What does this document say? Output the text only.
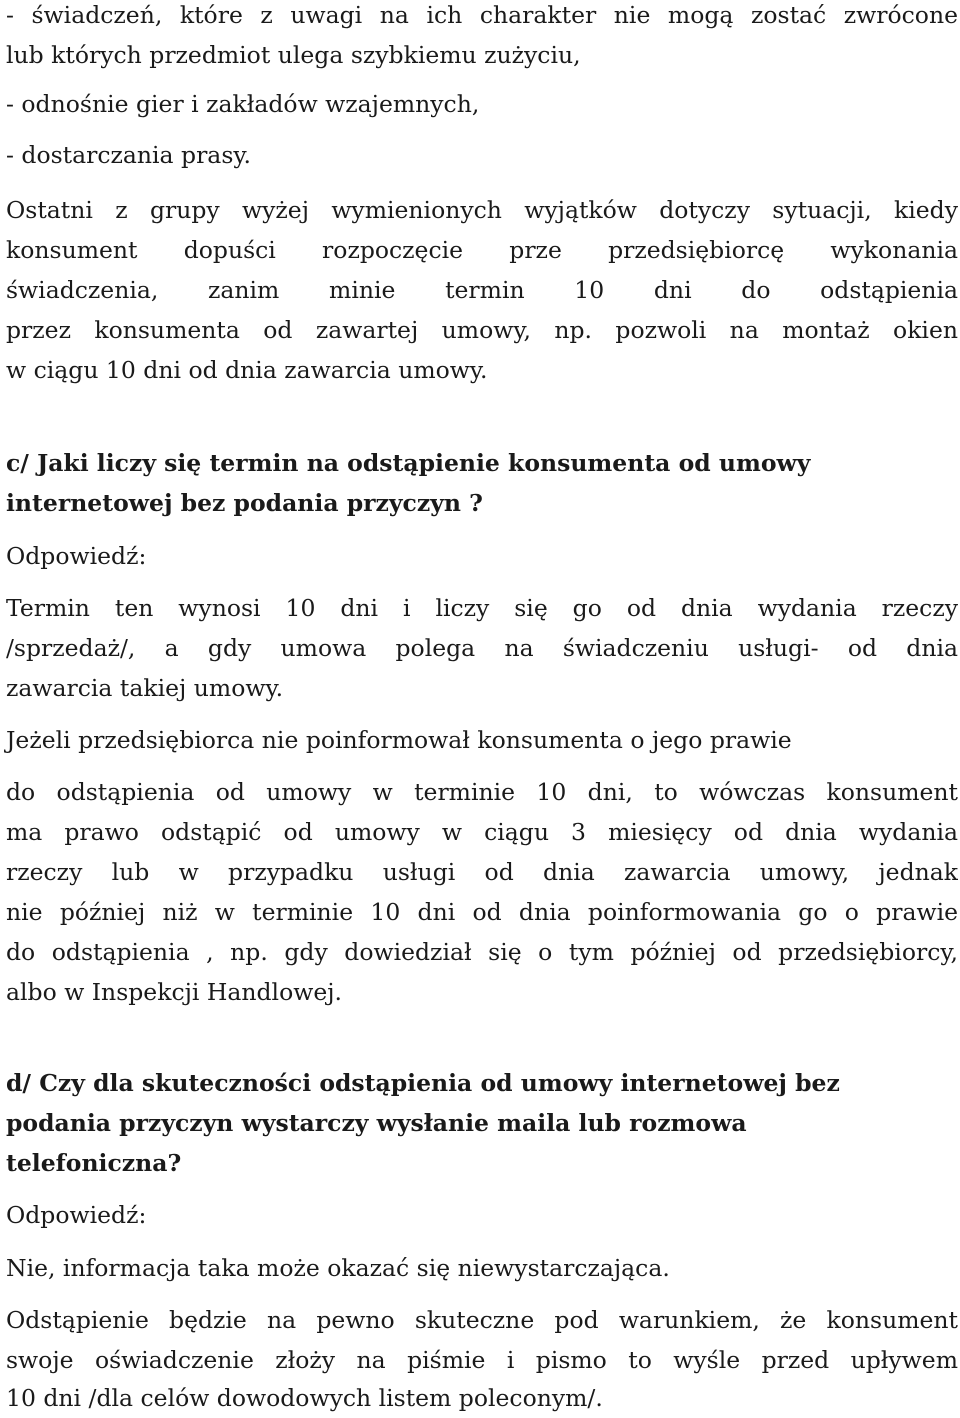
- świadczeń, które z uwagi na ich charakter nie mogą zostać zwrócone
lub których przedmiot ulega szybkiemu zużyciu,
- odnośnie gier i zakładów wzajemnych,
- dostarczania prasy.
Ostatni z grupy wyżej wymienionych wyjątków dotyczy sytuacji, kiedy
konsument dopuści rozpoczęcie prze przedsiębiorcę wykonania
świadczenia, zanim minie termin 10 dni do odstąpienia
przez konsumenta od zawartej umowy, np. pozwoli na montaż okien
w ciągu 10 dni od dnia zawarcia umowy.
c/ Jaki liczy się termin na odstąpienie konsumenta od umowy
internetowej bez podania przyczyn ?
Odpowiedź:
Termin ten wynosi 10 dni i liczy się go od dnia wydania rzeczy
/sprzedaż/, a gdy umowa polega na świadczeniu usługi- od dnia
zawarcia takiej umowy.
Jeżeli przedsiębiorca nie poinformował konsumenta o jego prawie
do odstąpienia od umowy w terminie 10 dni, to wówczas konsument
ma prawo odstąpić od umowy w ciągu 3 miesięcy od dnia wydania
rzeczy lub w przypadku usługi od dnia zawarcia umowy, jednak
nie później niż w terminie 10 dni od dnia poinformowania go o prawie
do odstąpienia , np. gdy dowiedział się o tym później od przedsiębiorcy,
albo w Inspekcji Handlowej.
d/ Czy dla skuteczności odstąpienia od umowy internetowej bez
podania przyczyn wystarczy wysłanie maila lub rozmowa
telefoniczna?
Odpowiedź:
Nie, informacja taka może okazać się niewystarczająca.
Odstąpienie będzie na pewno skuteczne pod warunkiem, że konsument
swoje oświadczenie złoży na piśmie i pismo to wyśle przed upływem
10 dni /dla celów dowodowych listem poleconym/.
